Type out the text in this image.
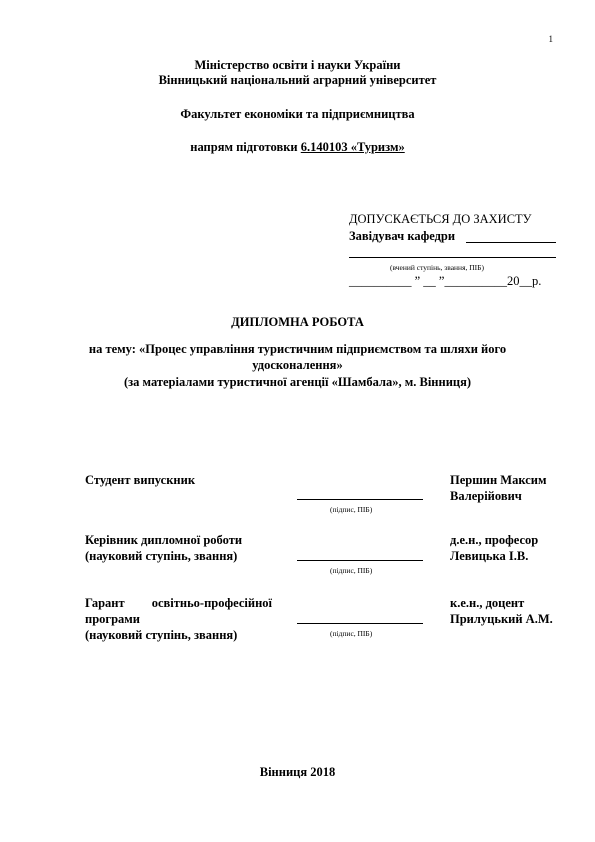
1
Міністерство освіти і науки України
Вінницький національний аграрний університет
Факультет економіки та підприємництва
напрям підготовки 6.140103 «Туризм»
ДОПУСКАЄТЬСЯ ДО ЗАХИСТУ
Завідувач кафедри
(вчений ступінь, звання, ПІБ)
__________ ” __ ”__________20__р.
ДИПЛОМНА РОБОТА
на тему: «Процес управління туристичним підприємством та шляхи його
удосконалення»
(за матеріалами туристичної агенції «Шамбала», м. Вінниця)
Студент випускник
(підпис, ПІБ)
Першин Максим
Валерійович
Керівник дипломної роботи
(науковий ступінь, звання)
(підпис, ПІБ)
д.е.н., професор
Левицька І.В.
Гарант освітньо-професійної
програми
(науковий ступінь, звання)	(підпис, ПІБ)
к.е.н., доцент
Прилуцький А.М.
Вінниця 2018
